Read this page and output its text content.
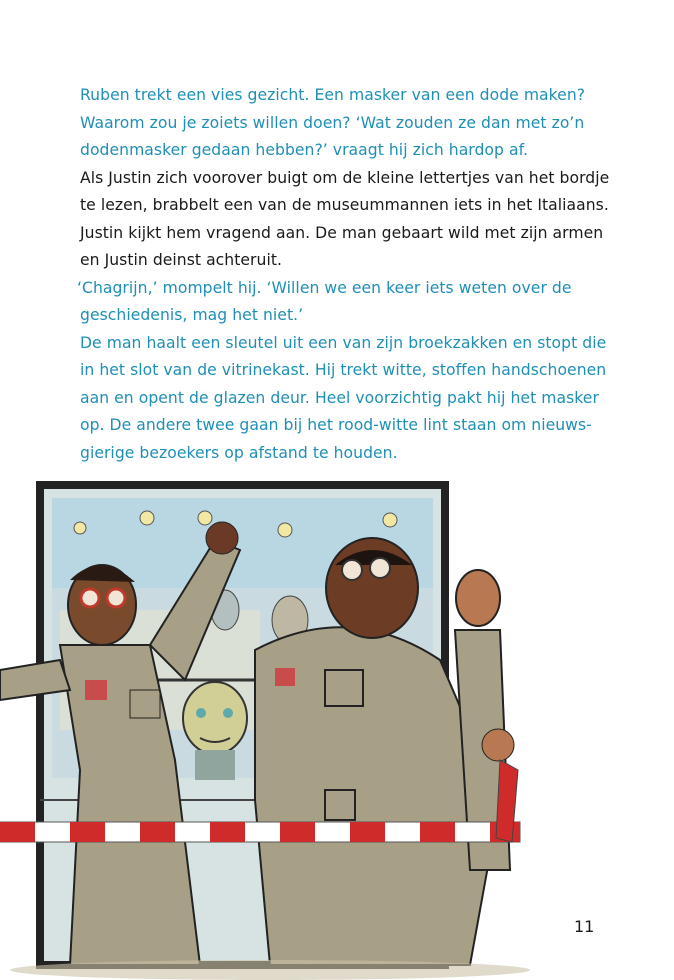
Ruben trekt een vies gezicht. Een masker van een dode maken?
Waarom zou je zoiets willen doen? ‘Wat zouden ze dan met zo’n
dodenmasker gedaan hebben?’ vraagt hij zich hardop af.
Als Justin zich voorover buigt om de kleine lettertjes van het bordje
te lezen, brabbelt een van de museummannen iets in het Italiaans.
Justin kijkt hem vragend aan. De man gebaart wild met zijn armen
en Justin deinst achteruit.
‘Chagrijn,’ mompelt hij. ‘Willen we een keer iets weten over de
geschiedenis, mag het niet.’
De man haalt een sleutel uit een van zijn broekzakken en stopt die
in het slot van de vitrinekast. Hij trekt witte, stoffen handschoenen
aan en opent de glazen deur. Heel voorzichtig pakt hij het masker
op. De andere twee gaan bij het rood-witte lint staan om nieuws-
gierige bezoekers op afstand te houden.
11
